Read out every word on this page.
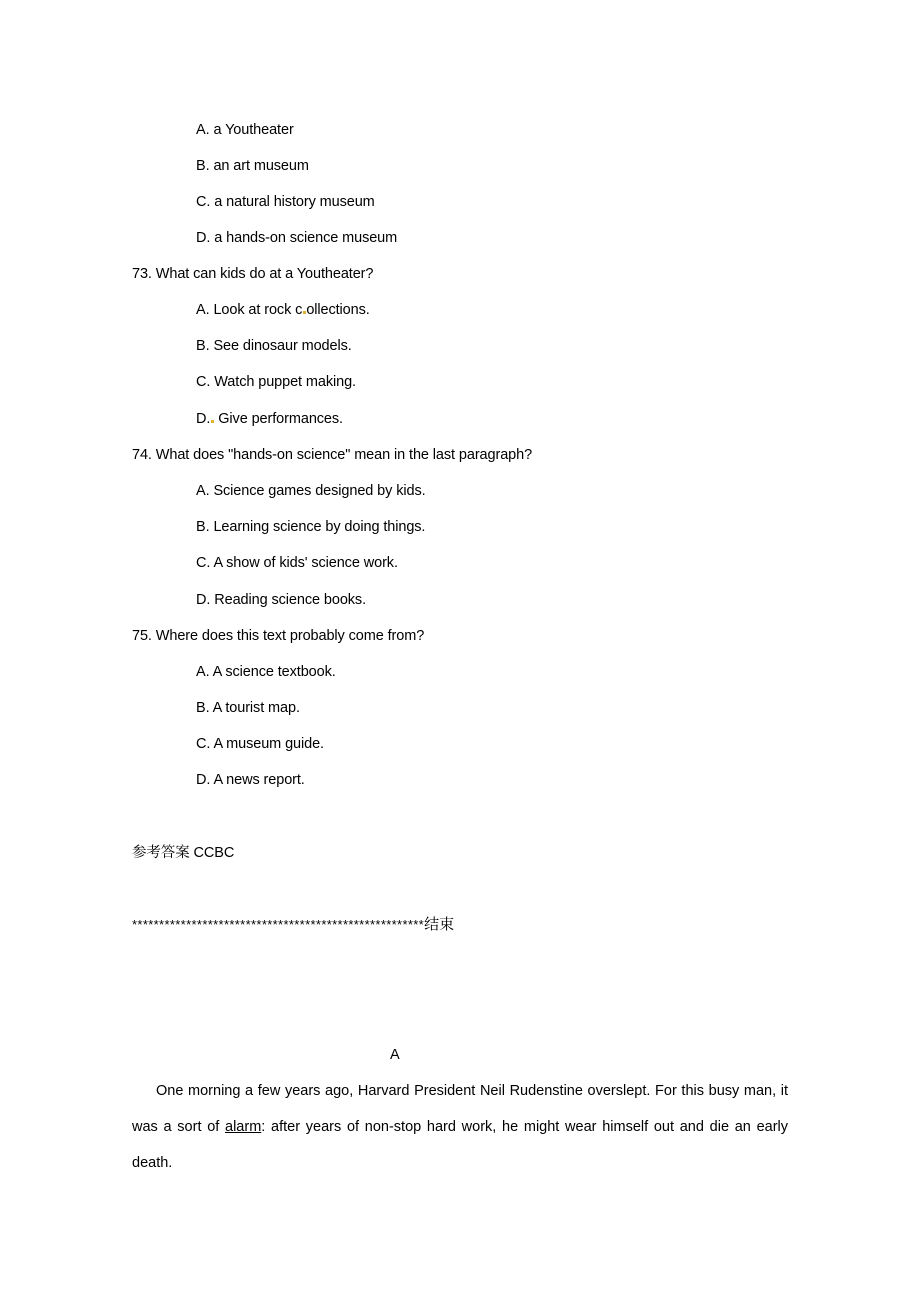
A. a Youtheater
B. an art museum
C. a natural history museum
D. a hands-on science museum
73. What can kids do at a Youtheater?
A. Look at rock c ollections.
B. See dinosaur models.
C. Watch puppet making.
D. Give performances.
74. What does "hands-on science" mean in the last paragraph?
A. Science games designed by kids.
B. Learning science by doing things.
C. A show of kids' science work.
D. Reading science books.
75. Where does this text probably come from?
A. A science textbook.
B. A tourist map.
C. A museum guide.
D. A news report.
参考答案 CCBC
******************************************************结束
A
One morning a few years ago, Harvard President Neil Rudenstine overslept. For this busy man, it was a sort of alarm: after years of non-stop hard work, he might wear himself out and die an early death.
